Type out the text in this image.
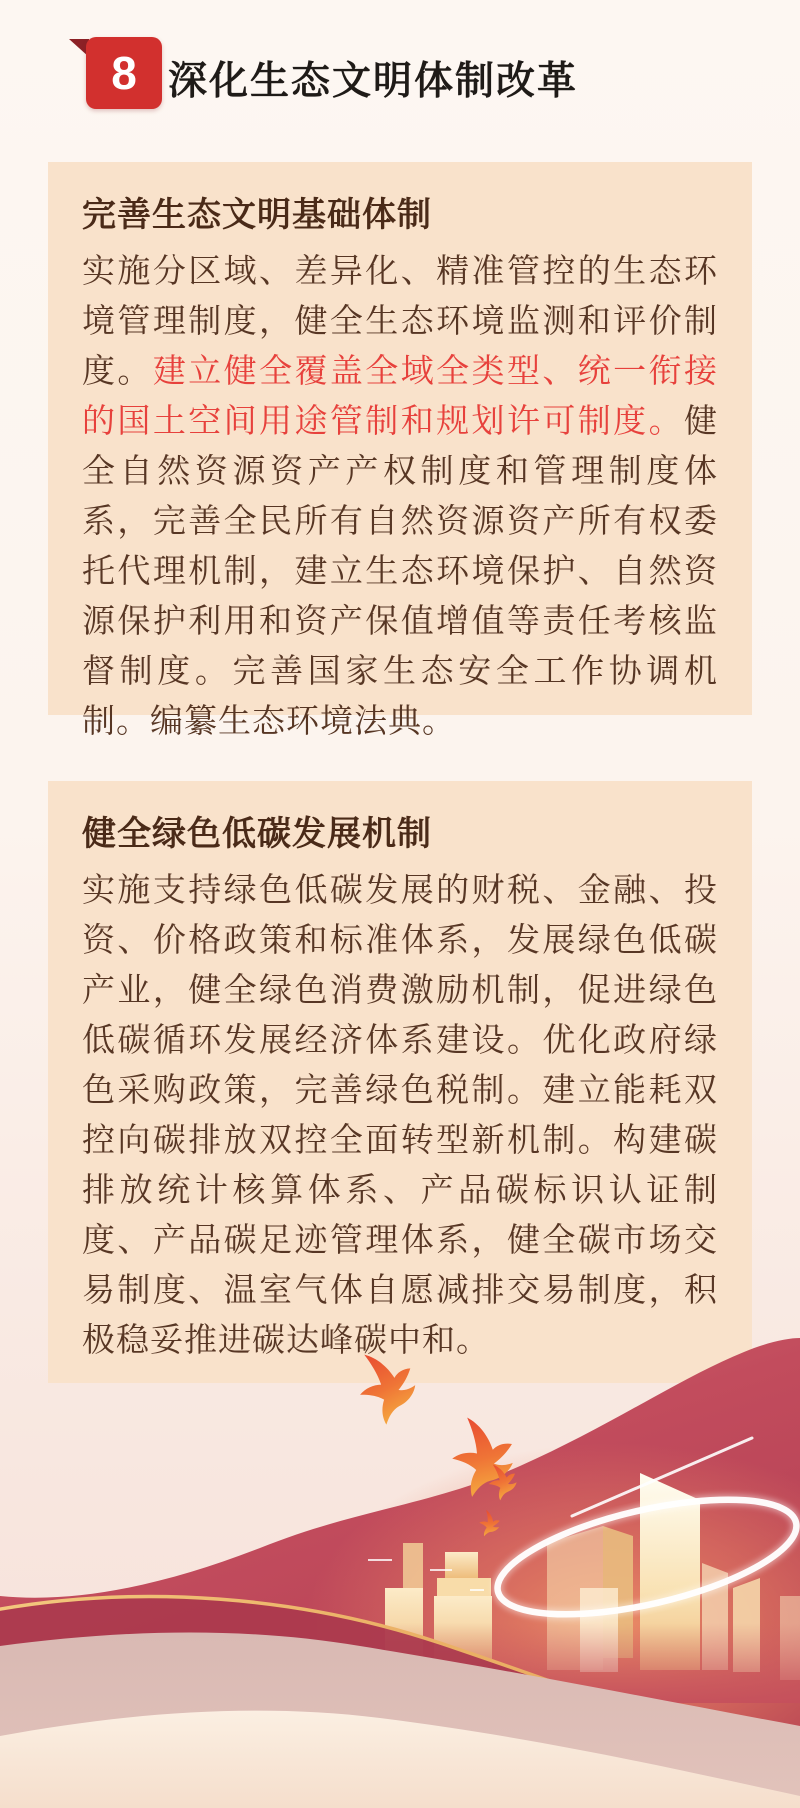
8 深化生态文明体制改革
完善生态文明基础体制

实施分区域、差异化、精准管控的生态环境管理制度，健全生态环境监测和评价制度。建立健全覆盖全域全类型、统一衔接的国土空间用途管制和规划许可制度。健全自然资源资产产权制度和管理制度体系，完善全民所有自然资源资产所有权委托代理机制，建立生态环境保护、自然资源保护利用和资产保值增值等责任考核监督制度。完善国家生态安全工作协调机制。编纂生态环境法典。

健全绿色低碳发展机制

实施支持绿色低碳发展的财税、金融、投资、价格政策和标准体系，发展绿色低碳产业，健全绿色消费激励机制，促进绿色低碳循环发展经济体系建设。优化政府绿色采购政策，完善绿色税制。建立能耗双控向碳排放双控全面转型新机制。构建碳排放统计核算体系、产品碳标识认证制度、产品碳足迹管理体系，健全碳市场交易制度、温室气体自愿减排交易制度，积极稳妥推进碳达峰碳中和。
